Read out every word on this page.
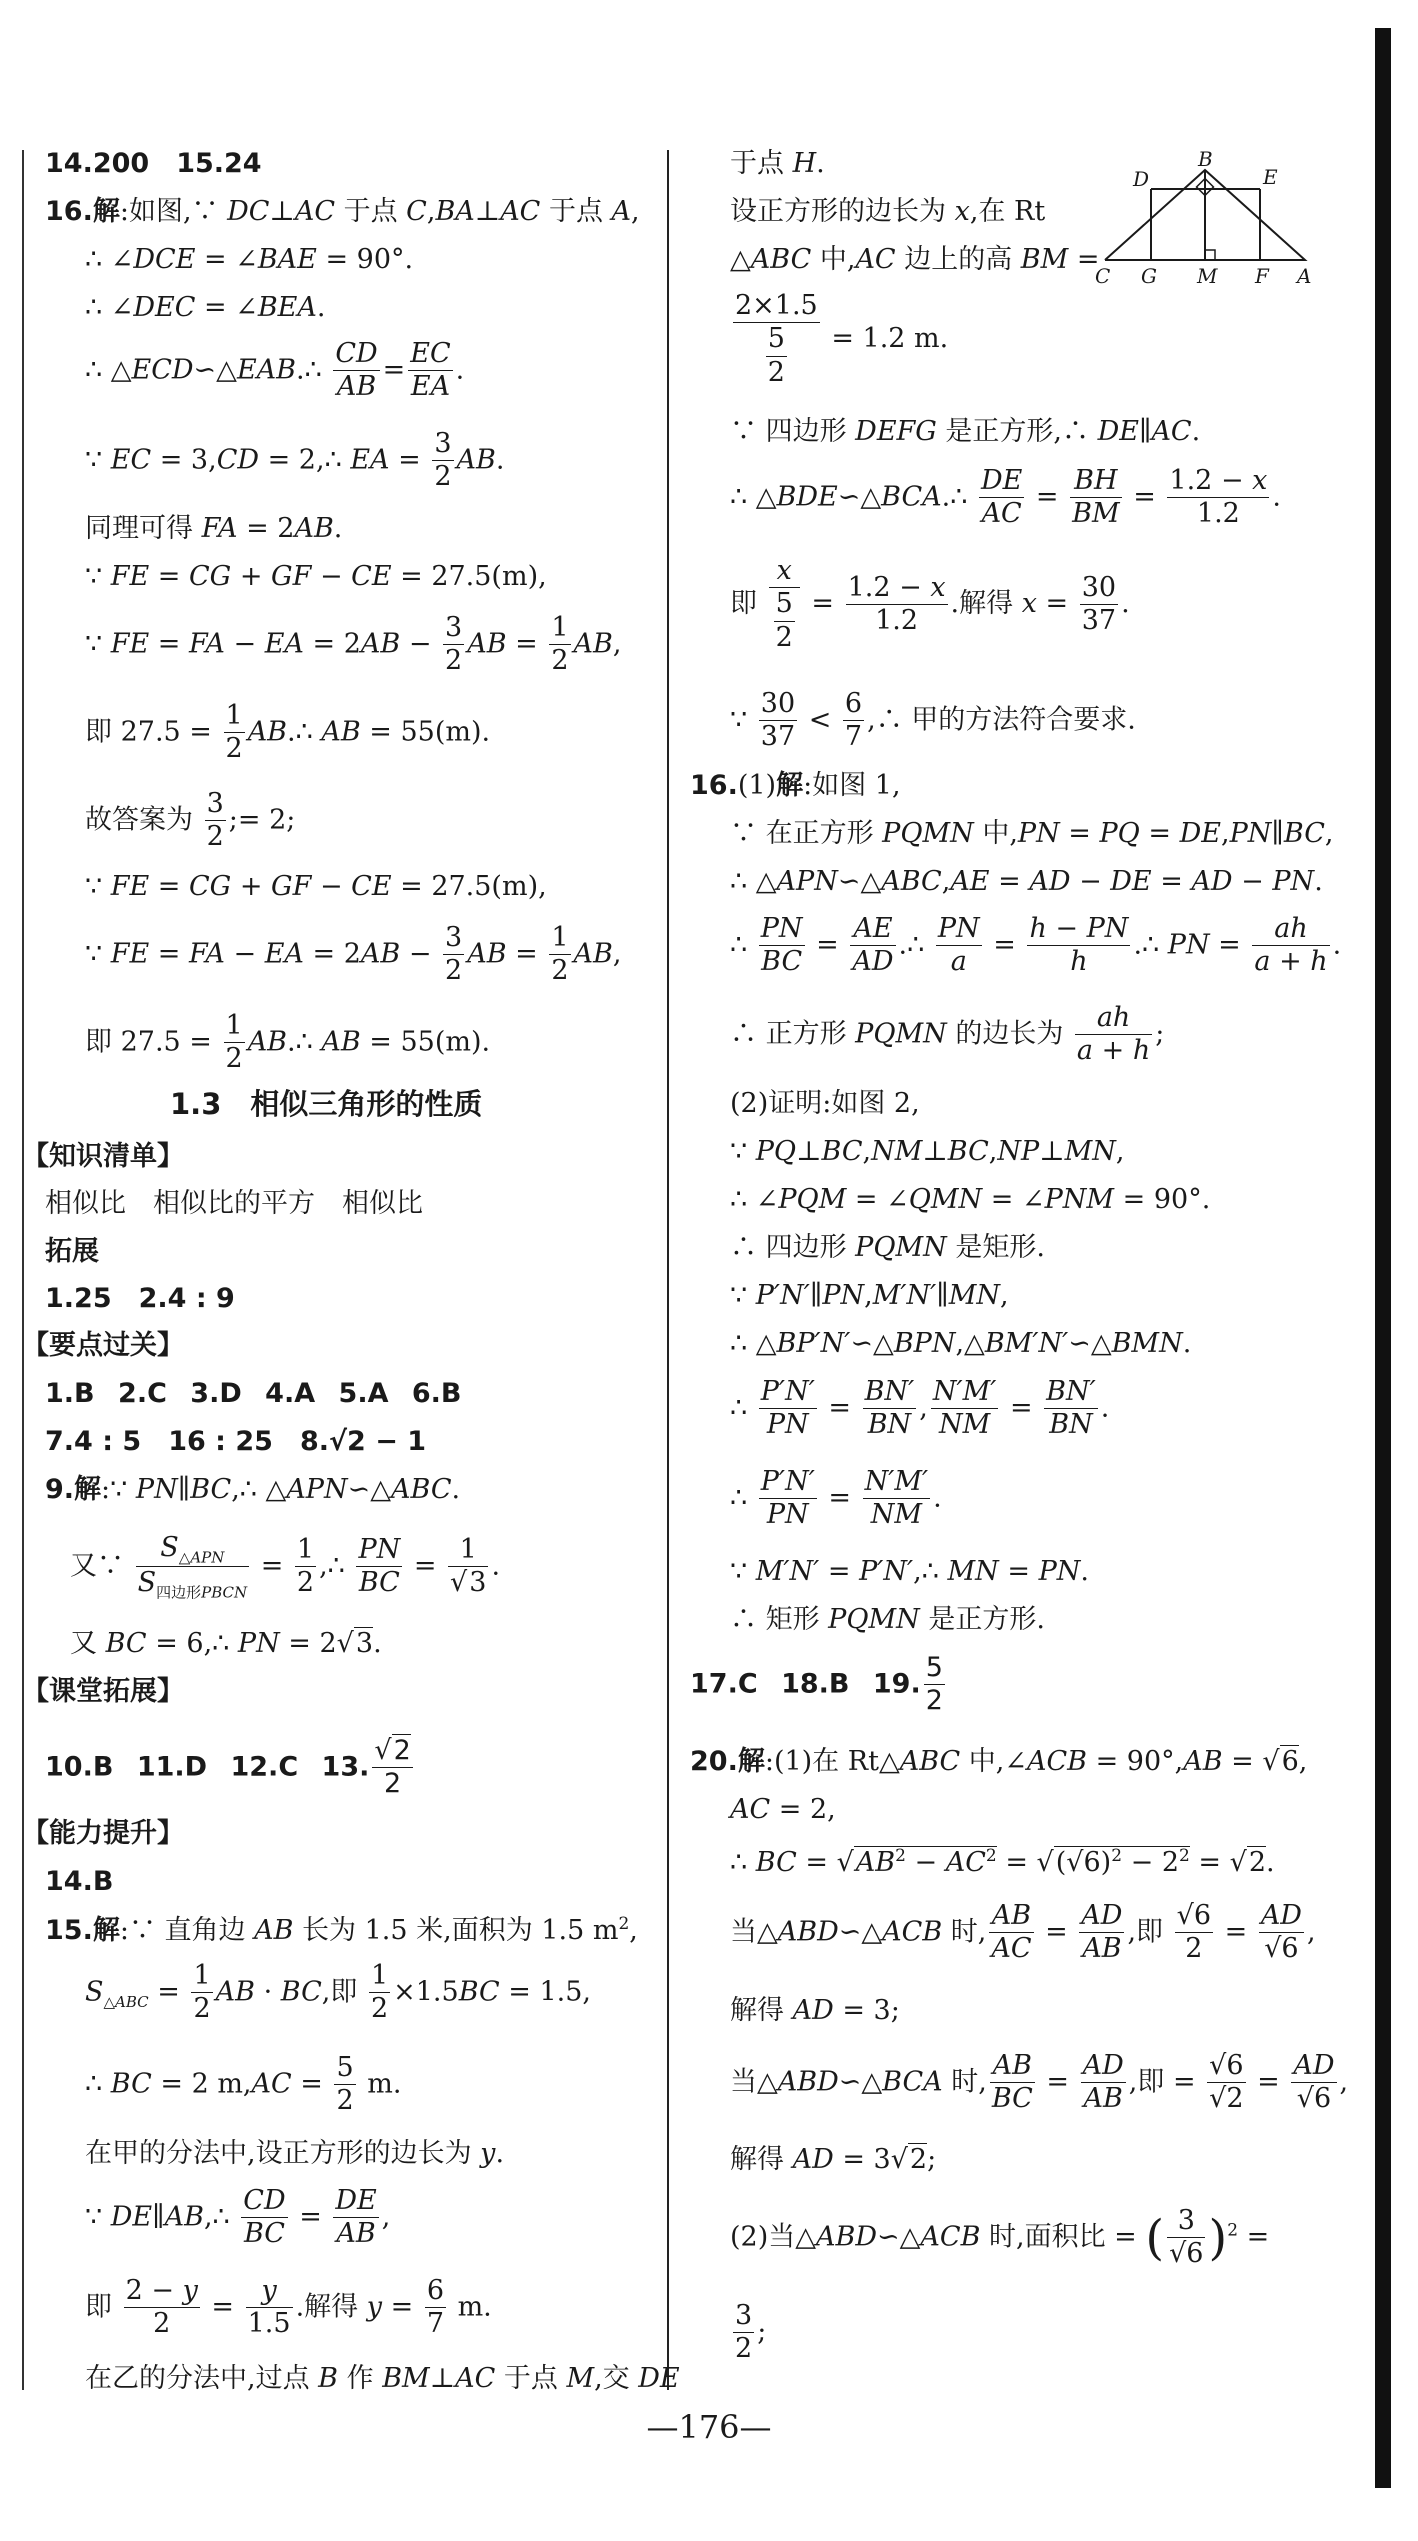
14.200　15.24
16.解:如图,∵ DC⊥AC 于点 C,BA⊥AC 于点 A,
∴ ∠DCE = ∠BAE = 90°.
∴ ∠DEC = ∠BEA.
∴ △ECD∽△EAB.∴ $\frac{CD}{AB} = \frac{EC}{EA}$ .
∵ EC = 3,CD = 2,∴ EA = $\frac{3}{2}$ AB.
同理可得 FA = 2AB.
∵ FE = CG + GF − CE = 27.5(m),
∵ FE = FA − EA = $2AB - \frac{3}{2}$ AB = $\frac{1}{2}$ AB,
即 $27.5 = \frac{1}{2}$ AB.∴ AB = 55(m).
故答案为 $\frac{3}{2}$ ;= 2;
∵ FE = CG + GF − CE = 27.5(m),
∵ FE = FA − EA = $2AB - \frac{3}{2}$ AB = $\frac{1}{2}$ AB,
即 $27.5 = \frac{1}{2}$ AB.∴ AB = 55(m).
1.3　 相似三角形的性质
【知识清单】
相似比　相似比的平方　相似比
拓展
1.25　2.4 : 9
【要点过关】
1.B 2.C 3.D 4.A 5.A 6.B
7.4 : 5　16 : 25　 8.√2 − 1
9.解:∵ PN∥BC,∴ △APN∽△ABC.
又∵ $\frac{S_{\triangle APN}}{S_{四边形PBCN}} = \frac{1}{2}$ ,∴ $\frac{PN}{BC} = \frac{1}{√3}$ .
又 BC = 6,∴ PN = 2√3.
【课堂拓展】
10.B 11.D 12.C 13. $\frac{√2}{2}$
【能力提升】
14.B
15.解:∵ 直角边 AB 长为 1.5 米,面积为 1.5 $m^2$,
$S_{\triangle ABC} = \frac{1}{2}$ AB · BC,即 $\frac{1}{2} \times 1.5BC = 1.5$,
∴ BC = 2 $m,AC = \frac{5}{2} m$.
在甲的分法中,设正方形的边长为 y.
∵ DE∥AB,∴ $\frac{CD}{BC} = \frac{DE}{AB}$ ,
即 $\frac{2 - y}{2} = \frac{y}{1.5}$ .解得 $y = \frac{6}{7} m$.
在乙的分法中,过点 B 作 BM⊥AC 于点 M,交 DE
于点 H.
设正方形的边长为 x,在 Rt
△ABC 中,AC 边上的高 BM =
$\frac{2\times 1.5}{\frac{5}{2}} = 1.2$ m.
B
D	E
C G M F A
∵ 四边形 DEFG 是正方形,∴ DE∥AC.
∴ △BDE∽△BCA.∴ $\frac{DE}{AC} = \frac{BH}{BM} = \frac{1.2 - x}{1.2}$ .
即 $\frac{x}{\frac{5}{2}} = \frac{1.2 - x}{1.2}$ .解得 $x = \frac{30}{37}$ .
∵ $\frac{30}{37} < \frac{6}{7}$ ,∴ 甲的方法符合要求.
16.(1)解:如图 1,
∵ 在正方形 PQMN 中,PN = PQ = DE,PN∥BC,
∴ △APN∽△ABC,AE = AD − DE = AD − PN.
∴ $\frac{PN}{BC} = \frac{AE}{AD}$ .∴ $\frac{PN}{a} = \frac{h - PN}{h}$ .∴ PN = $\frac{ah}{a + h}$ .
∴ 正方形 PQMN 的边长为 $\frac{ah}{a + h}$ ;
(2)证明:如图 2,
∵ PQ⊥BC,NM⊥BC,NP⊥MN,
∴ ∠PQM = ∠QMN = ∠PNM = 90°.
∴ 四边形 PQMN 是矩形.
∵ P′N′∥PN,M′N′∥MN,
∴ △BP′N′∽△BPN,△BM′N′∽△BMN.
∴ $\frac{P'N'}{PN} = \frac{BN'}{BN}$ , $\frac{N'M'}{NM} = \frac{BN'}{BN}$ .
∴ $\frac{P'N'}{PN} = \frac{N'M'}{NM}$ .
∵ M′N′ = P′N′,∴ MN = PN.
∴ 矩形 PQMN 是正方形.
17.C 18.B 19. $\frac{5}{2}$
20.解:(1)在 Rt△ABC 中,∠ACB = 90°,AB = √6,
AC = 2,
∴ BC = $√AB^2 - AC^2 = √(√6)^2 - 2^2 = √2$.
当△ABD∽△ACB 时, $\frac{AB}{AC} = \frac{AD}{AB}$ ,即 $\frac{√6}{2} = \frac{AD}{√6}$ ,
解得 AD = 3;
当△ABD∽△BCA 时, $\frac{AB}{BC} = \frac{AD}{AB}$ ,即 = $\frac{√6}{√2} = \frac{AD}{√6}$ ,
解得 AD = 3√2;
(2)当△ABD∽△ACB 时,面积比 = ( $\frac{3}{√6} )^2$ =
$\frac{3}{2}$ ;
—176—
